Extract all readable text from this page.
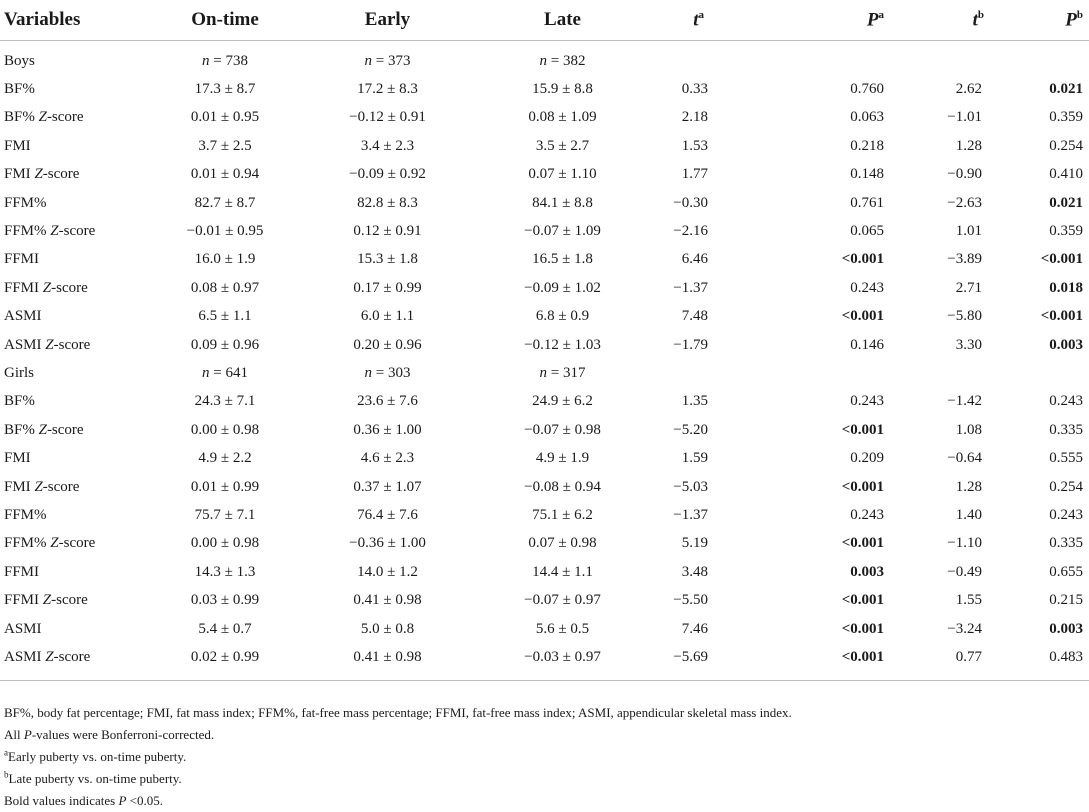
Variables	On-time	Early	Late	$t^a$	$P^a$	$t^b$	$P^b$
Boys	n = 738	n = 373	n = 382				
BF%	17.3 ± 8.7	17.2 ± 8.3	15.9 ± 8.8	0.33	0.760	2.62	0.021
BF% Z-score	0.01 ± 0.95	−0.12 ± 0.91	0.08 ± 1.09	2.18	0.063	−1.01	0.359
FMI	3.7 ± 2.5	3.4 ± 2.3	3.5 ± 2.7	1.53	0.218	1.28	0.254
FMI Z-score	0.01 ± 0.94	−0.09 ± 0.92	0.07 ± 1.10	1.77	0.148	−0.90	0.410
FFM%	82.7 ± 8.7	82.8 ± 8.3	84.1 ± 8.8	−0.30	0.761	−2.63	0.021
FFM% Z-score	−0.01 ± 0.95	0.12 ± 0.91	−0.07 ± 1.09	−2.16	0.065	1.01	0.359
FFMI	16.0 ± 1.9	15.3 ± 1.8	16.5 ± 1.8	6.46	<0.001	−3.89	<0.001
FFMI Z-score	0.08 ± 0.97	0.17 ± 0.99	−0.09 ± 1.02	−1.37	0.243	2.71	0.018
ASMI	6.5 ± 1.1	6.0 ± 1.1	6.8 ± 0.9	7.48	<0.001	−5.80	<0.001
ASMI Z-score	0.09 ± 0.96	0.20 ± 0.96	−0.12 ± 1.03	−1.79	0.146	3.30	0.003
Girls	n = 641	n = 303	n = 317				
BF%	24.3 ± 7.1	23.6 ± 7.6	24.9 ± 6.2	1.35	0.243	−1.42	0.243
BF% Z-score	0.00 ± 0.98	0.36 ± 1.00	−0.07 ± 0.98	−5.20	<0.001	1.08	0.335
FMI	4.9 ± 2.2	4.6 ± 2.3	4.9 ± 1.9	1.59	0.209	−0.64	0.555
FMI Z-score	0.01 ± 0.99	0.37 ± 1.07	−0.08 ± 0.94	−5.03	<0.001	1.28	0.254
FFM%	75.7 ± 7.1	76.4 ± 7.6	75.1 ± 6.2	−1.37	0.243	1.40	0.243
FFM% Z-score	0.00 ± 0.98	−0.36 ± 1.00	0.07 ± 0.98	5.19	<0.001	−1.10	0.335
FFMI	14.3 ± 1.3	14.0 ± 1.2	14.4 ± 1.1	3.48	0.003	−0.49	0.655
FFMI Z-score	0.03 ± 0.99	0.41 ± 0.98	−0.07 ± 0.97	−5.50	<0.001	1.55	0.215
ASMI	5.4 ± 0.7	5.0 ± 0.8	5.6 ± 0.5	7.46	<0.001	−3.24	0.003
ASMI Z-score	0.02 ± 0.99	0.41 ± 0.98	−0.03 ± 0.97	−5.69	<0.001	0.77	0.483
BF%, body fat percentage; FMI, fat mass index; FFM%, fat-free mass percentage; FFMI, fat-free mass index; ASMI, appendicular skeletal mass index.
All P-values were Bonferroni-corrected.
$^a$Early puberty vs. on-time puberty.
$^b$Late puberty vs. on-time puberty.
Bold values indicates P <0.05.
